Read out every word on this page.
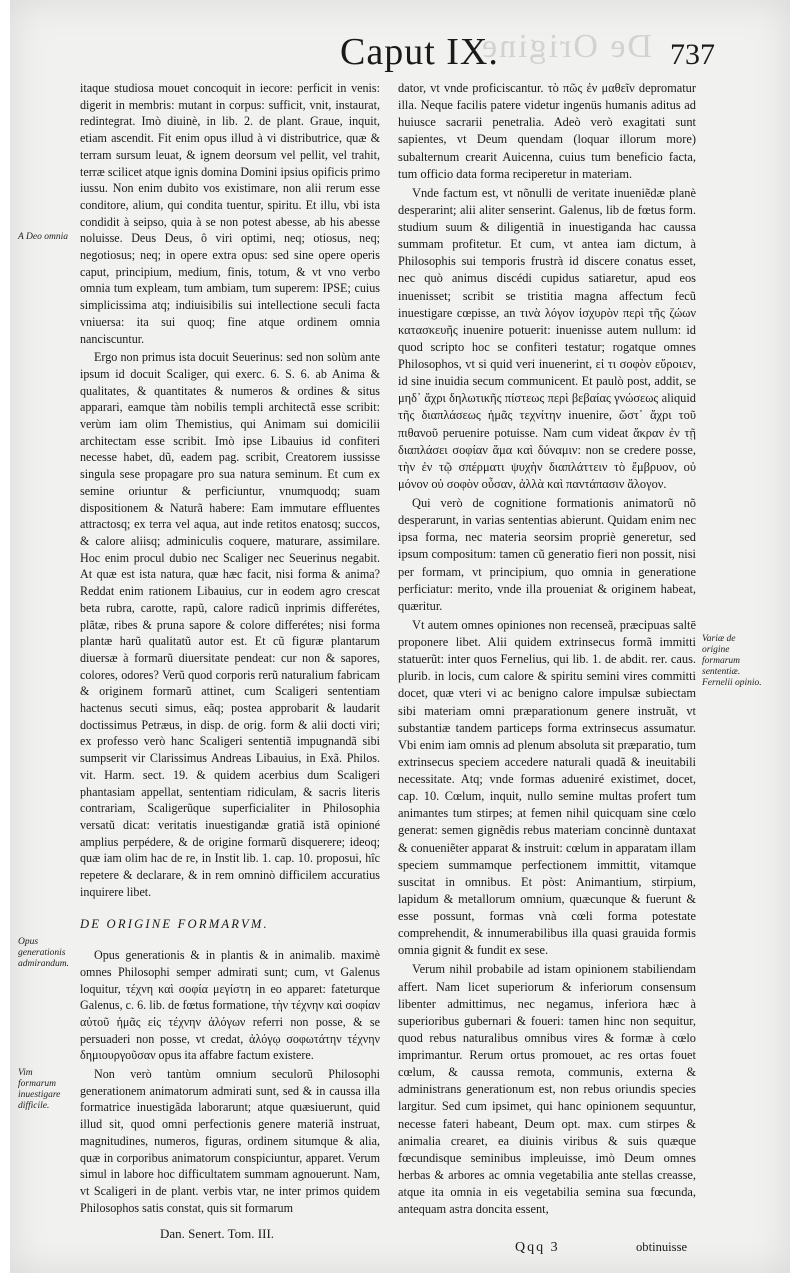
De Origine
Caput IX.	737

itaque studiosa mouet concoquit in iecore: perficit in venis: digerit in membris: mutant in corpus: sufficit, vnit, instaurat, redintegrat. Imò diuinè, in lib. 2. de plant. Graue, inquit, etiam ascendit. Fit enim opus illud à vi distributrice, quæ & terram sursum leuat, & ignem deorsum vel pellit, vel trahit, terræ scilicet atque ignis domina Domini ipsius opificis primo iussu. Non enim dubito vos existimare, non alii rerum esse conditore, alium, qui condita tuentur, spiritu. Et illu, vbi ista condidit à seipso, quia à se non potest abesse, ab his abesse noluisse. Deus Deus, ô viri optimi, neq; otiosus, neq; negotiosus; neq; in opere extra opus: sed sine opere operis caput, principium, medium, finis, totum, & vt vno verbo omnia tum expleam, tum ambiam, tum superem: IPSE; cuius simplicissima atq; indiuisibilis sui intellectione seculi facta vniuersa: ita sui quoq; fine atque ordinem omnia nanciscuntur.

Ergo non primus ista docuit Seuerinus: sed non solùm ante ipsum id docuit Scaliger, qui exerc. 6. S. 6. ab Anima & qualitates, & quantitates & numeros & ordines & situs apparari, eamque tàm nobilis templi architectã esse scribit: verùm iam olim Themistius, qui Animam sui domicilii architectam esse scribit. Imò ipse Libauius id confiteri necesse habet, dũ, eadem pag. scribit, Creatorem iussisse singula sese propagare pro sua natura seminum. Et cum ex semine oriuntur & perficiuntur, vnumquodq; suam dispositionem & Naturã habere: Eam immutare effluentes attractosq; ex terra vel aqua, aut inde retitos enatosq; succos, & calore aliisq; adminiculis coquere, maturare, assimilare. Hoc enim procul dubio nec Scaliger nec Seuerinus negabit. At quæ est ista natura, quæ hæc facit, nisi forma & anima? Reddat enim rationem Libauius, cur in eodem agro crescat beta rubra, carotte, rapũ, calore radicũ inprimis differétes, plãtæ, ribes & pruna sapore & colore differétes; nisi forma plantæ harũ qualitatũ autor est. Et cũ figuræ plantarum diuersæ à formarũ diuersitate pendeat: cur non & sapores, colores, odores? Verũ quod corporis rerũ naturalium fabricam & originem formarũ attinet, cum Scaligeri sententiam hactenus secuti simus, eãq; postea approbarit & laudarit doctissimus Petræus, in disp. de orig. form & alii docti viri; ex professo verò hanc Scaligeri sententiã impugnandã sibi sumpserit vir Clarissimus Andreas Libauius, in Exã. Philos. vit. Harm. sect. 19. & quidem acerbius dum Scaligeri phantasiam appellat, sententiam ridiculam, & sacris literis contrariam, Scaligerũque superficialiter in Philosophia versatũ dicat: veritatis inuestigandæ gratiã istã opinioné amplius perpédere, & de origine formarũ disquerere; ideoq; quæ iam olim hac de re, in Instit lib. 1. cap. 10. proposui, hîc repetere & declarare, & in rem omninò difficilem accuratius inquirere libet.

DE ORIGINE FORMARVM.

Opus generationis & in plantis & in animalib. maximè omnes Philosophi semper admirati sunt; cum, vt Galenus loquitur, τέχνη καὶ σοφία μεγίστη in eo apparet: fateturque Galenus, c. 6. lib. de fœtus formatione, τὴν τέχνην καὶ σοφίαν αὐτοῦ ἡμᾶς εἰς τέχνην ἀλόγων referri non posse, & se persuaderi non posse, vt credat, ἀλόγῳ σοφωτάτην τέχνην δημιουργοῦσαν opus ita affabre factum existere.

Non verò tantùm omnium seculorũ Philosophi generationem animatorum admirati sunt, sed & in caussa illa formatrice inuestigãda laborarunt; atque quæsiuerunt, quid illud sit, quod omni perfectionis genere materiã instruat, magnitudines, numeros, figuras, ordinem situmque & alia, quæ in corporibus animatorum conspiciuntur, apparet. Verum simul in labore hoc difficultatem summam agnouerunt. Nam, vt Scaligeri in de plant. verbis vtar, ne inter primos quidem Philosophos satis constat, quis sit formarum

dator, vt vnde proficiscantur. τὸ πῶς ἐν μαθεῖν depromatur illa. Neque facilis patere videtur ingenüs humanis aditus ad huiusce sacrarii penetralia. Adeò verò exagitati sunt sapientes, vt Deum quendam (loquar illorum more) subalternum crearit Auicenna, cuius tum beneficio facta, tum officio data forma reciperetur in materiam.

Vnde factum est, vt nõnulli de veritate inueniẽdæ planè desperarint; alii aliter senserint. Galenus, lib de fœtus form. studium suum & diligentiã in inuestiganda hac caussa summam profitetur. Et cum, vt antea iam dictum, à Philosophis sui temporis frustrà id discere conatus esset, nec quò animus discédi cupidus satiaretur, apud eos inuenisset; scribit se tristitia magna affectum fecũ inuestigare cœpisse, an τινὰ λόγον ἰσχυρὸν περὶ τῆς ζώων κατασκευῆς inuenire potuerit: inuenisse autem nullum: id quod scripto hoc se confiteri testatur; rogatque omnes Philosophos, vt si quid veri inuenerint, εἰ τι σοφὸν εὕροιεν, id sine inuidia secum communicent. Et paulò post, addit, se μηδ᾽ ἄχρι δηλωτικῆς πίστεως περὶ βεβαίας γνώσεως aliquid τῆς διαπλάσεως ἡμᾶς τεχνίτην inuenire, ὥστ᾽ ἄχρι τοῦ πιθανοῦ peruenire potuisse. Nam cum videat ἄκραν ἐν τῇ διαπλάσει σοφίαν ἅμα καὶ δύναμιν: non se credere posse, τὴν ἐν τῷ σπέρματι ψυχὴν διαπλάττειν τὸ ἔμβρυον, οὐ μόνον οὐ σοφὸν οὖσαν, ἀλλὰ καὶ παντάπασιν ἄλογον.

Qui verò de cognitione formationis animatorũ nõ desperarunt, in varias sententias abierunt. Quidam enim nec ipsa forma, nec materia seorsim propriè generetur, sed ipsum compositum: tamen cũ generatio fieri non possit, nisi per formam, vt principium, quo omnia in generatione perficiatur: merito, vnde illa proueniat & originem habeat, quæritur.

Vt autem omnes opiniones non recenseã, præcipuas saltē proponere libet. Alii quidem extrinsecus formã immitti statuerũt: inter quos Fernelius, qui lib. 1. de abdit. rer. caus. plurib. in locis, cum calore & spiritu semini vires committi docet, quæ vteri vi ac benigno calore impulsæ subiectam sibi materiam omni præparationum genere instruãt, vt substantiæ tandem particeps forma extrinsecus assumatur. Vbi enim iam omnis ad plenum absoluta sit præparatio, tum extrinsecus speciem accedere naturali quadã & ineuitabili necessitate. Atq; vnde formas adueniré existimet, docet, cap. 10. Cœlum, inquit, nullo semine multas profert tum animantes tum stirpes; at femen nihil quicquam sine cœlo generat: semen gignẽdis rebus materiam concinnè duntaxat & conueniẽter apparat & instruit: cœlum in apparatam illam speciem summamque perfectionem immittit, vitamque suscitat in omnibus. Et pòst: Animantium, stirpium, lapidum & metallorum omnium, quæcunque & fuerunt & esse possunt, formas vnà cœli forma potestate comprehendit, & innumerabilibus illa quasi grauida formis omnia gignit & fundit ex sese.

Verum nihil probabile ad istam opinionem stabiliendam affert. Nam licet superiorum & inferiorum consensum libenter admittimus, nec negamus, inferiora hæc à superioribus gubernari & foueri: tamen hinc non sequitur, quod rebus naturalibus omnibus vires & formæ à cœlo imprimantur. Rerum ortus promouet, ac res ortas fouet cœlum, & caussa remota, communis, externa & administrans generationum est, non rebus oriundis species largitur. Sed cum ipsimet, qui hanc opinionem sequuntur, necesse fateri habeant, Deum opt. max. cum stirpes & animalia crearet, ea diuinis viribus & suis quæque fœcundisque seminibus impleuisse, imò Deum omnes herbas & arbores ac omnia vegetabilia ante stellas creasse, atque ita omnia in eis vegetabilia semina sua fœcunda, antequam astra doncita essent,

A Deo omnia
Opus generationis admirandum.
Vim formarum inuestigare difficile.
Variæ de origine formarum sententiæ. Fernelii opinio.
Dan. Senert. Tom. III.
Qqq 3	obtinuisse
